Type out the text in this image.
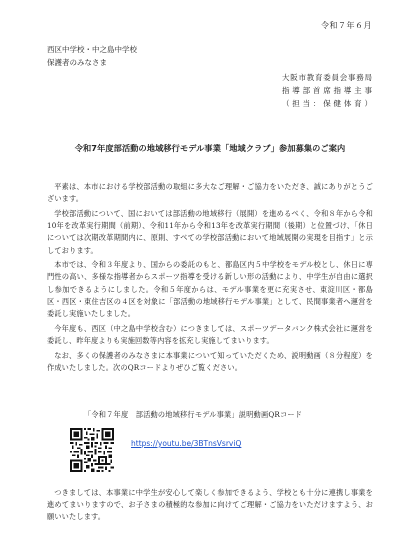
令和７年６月
西区中学校・中之島中学校
保護者のみなさま
大阪市教育委員会事務局
指導部首席指導主事
（担当：保健体育）
令和7年度部活動の地域移行モデル事業「地域クラブ」参加募集のご案内

平素は、本市における学校部活動の取組に多大なご理解・ご協力をいただき、誠にありがとうございます。

学校部活動について、国においては部活動の地域移行（展開）を進めるべく、令和８年から令和10年を改革実行期間（前期）、令和11年から令和13年を改革実行期間（後期）と位置づけ、「休日については次期改革期間内に、原則、すべての学校部活動において地域展開の実現を目指す」と示しております。

本市では、令和３年度より、国からの委託のもと、都島区内５中学校をモデル校とし、休日に専門性の高い、多様な指導者からスポーツ指導を受ける新しい形の活動により、中学生が自由に選択し参加できるようにしました。令和５年度からは、モデル事業を更に充実させ、東淀川区・都島区・西区・東住吉区の４区を対象に「部活動の地域移行モデル事業」として、民間事業者へ運営を委託し実施いたしました。

今年度も、西区（中之島中学校含む）につきましては、スポーツデータバンク株式会社に運営を委託し、昨年度よりも実施回数等内容を拡充し実施してまいります。

なお、多くの保護者のみなさまに本事業について知っていただくため、説明動画（８分程度）を作成いたしました。次のQRコードよりぜひご覧ください。

「令和７年度　部活動の地域移行モデル事業」説明動画QRコード
https://youtu.be/3BTnsVsrviQ

つきましては、本事業に中学生が安心して楽しく参加できるよう、学校とも十分に連携し事業を進めてまいりますので、お子さまの積極的な参加に向けてご理解・ご協力をいただけますよう、お願いいたします。
